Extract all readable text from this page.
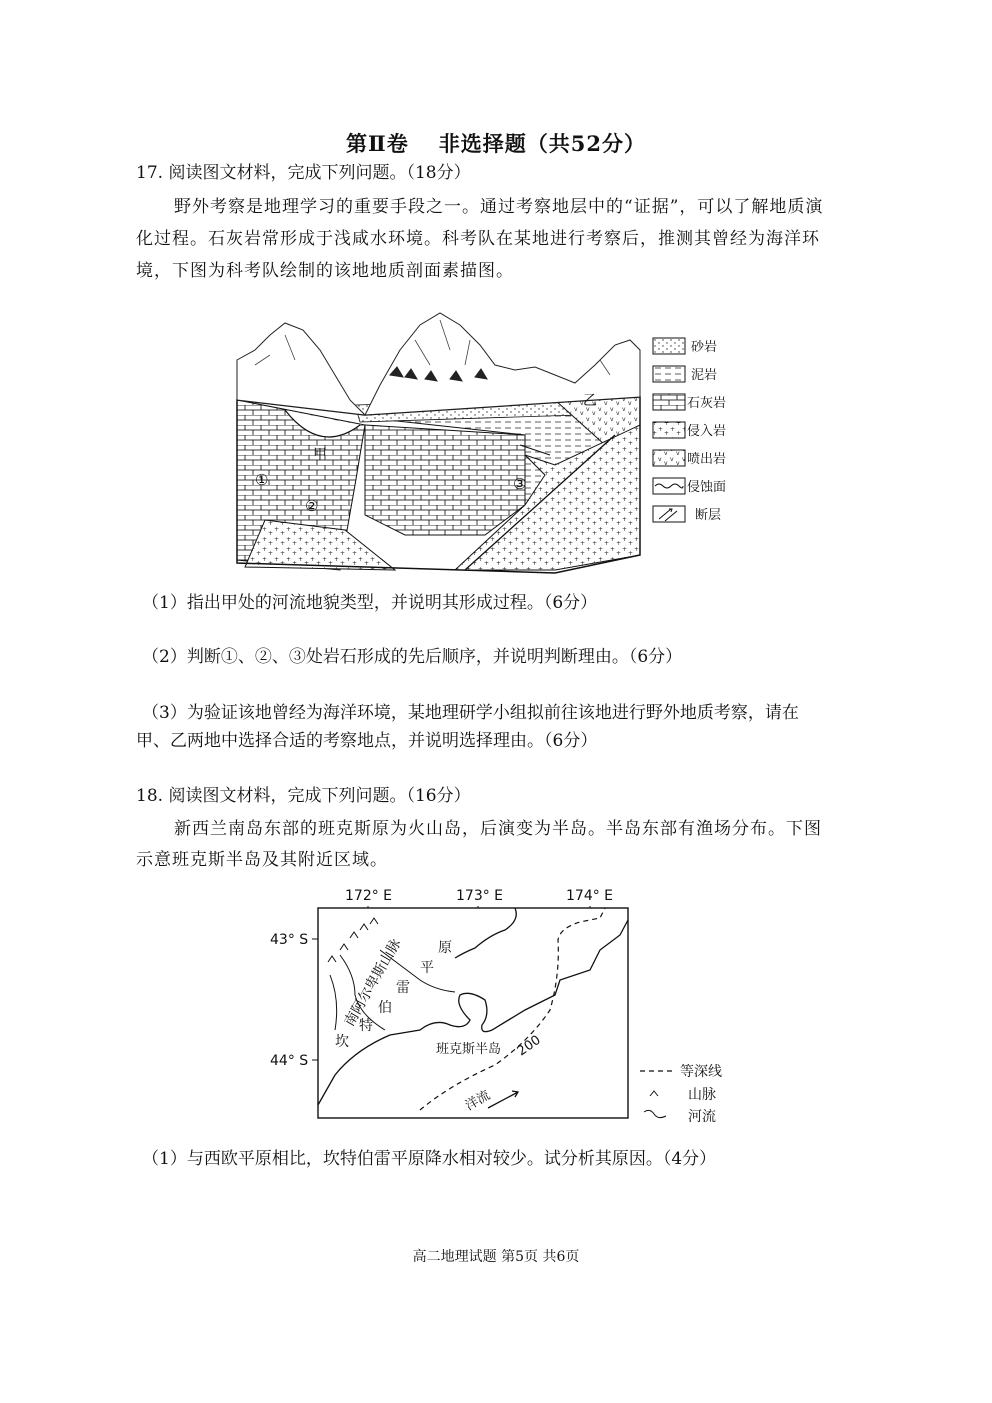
第Ⅱ卷 非选择题（共52分）
17. 阅读图文材料，完成下列问题。（18分）
野外考察是地理学习的重要手段之一。通过考察地层中的“证据”，可以了解地质演
化过程。石灰岩常形成于浅咸水环境。科考队在某地进行考察后，推测其曾经为海洋环
境，下图为科考队绘制的该地地质剖面素描图。
甲
乙
①
②
③
砂岩
泥岩
石灰岩
侵入岩
喷出岩
侵蚀面
断层
（1）指出甲处的河流地貌类型，并说明其形成过程。（6分）
（2）判断①、②、③处岩石形成的先后顺序，并说明判断理由。（6分）
（3）为验证该地曾经为海洋环境，某地理研学小组拟前往该地进行野外地质考察，请在
甲、乙两地中选择合适的考察地点，并说明选择理由。（6分）
18. 阅读图文材料，完成下列问题。（16分）
新西兰南岛东部的班克斯原为火山岛，后演变为半岛。半岛东部有渔场分布。下图
示意班克斯半岛及其附近区域。
172° E	173° E	174° E
43° S
44° S
南阿尔卑斯山脉
坎
特
伯
雷
平
原
班克斯半岛 200
洋流
等深线
山脉
河流
（1）与西欧平原相比，坎特伯雷平原降水相对较少。试分析其原因。（4分）
高二地理试题 第5页 共6页
